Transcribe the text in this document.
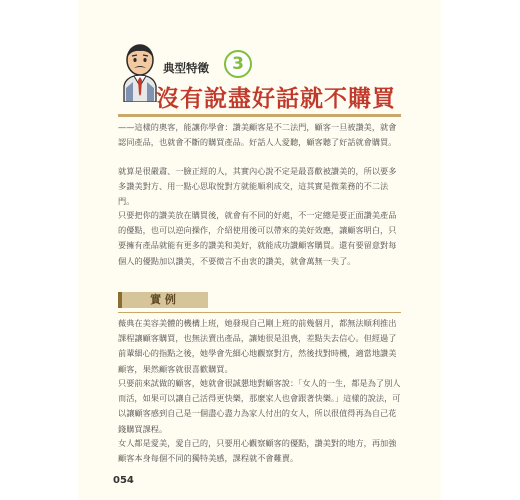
典型特徵	3
沒有說盡好話就不購買

——這樣的奧客，能讓你學會：讚美顧客是不二法門，顧客一旦被讚美，就會認同產品，也就會不斷的購買產品。好話人人愛聽，顧客聽了好話就會購買。

就算是很嚴肅、一臉正經的人，其實內心說不定是最喜歡被讚美的，所以要多多讚美對方、用一點心思取悅對方就能順利成交，這其實是微業務的不二法門。

只要把你的讚美放在購買後，就會有不同的好處，不一定總是要正面讚美產品的優點，也可以逆向操作，介紹使用後可以帶來的美好效應，讓顧客明白，只要擁有產品就能有更多的讚美和美好，就能成功讚顧客購買。還有要留意對每個人的優點加以讚美，不要微言不由衷的讚美，就會萬無一失了。

實 例

薇典在美容美體的機構上班，她發現自己剛上班的前幾個月，都無法順利推出課程讓顧客購買，也無法賣出產品，讓她很是沮喪，差點失去信心。但經過了前輩細心的指點之後，她學會先細心地觀察對方，然後找對時機，適當地讚美顧客，果然顧客就很喜歡購買。

只要前來試做的顧客，她就會很誠懇地對顧客說：「女人的一生，都是為了別人而活，如果可以讓自己活得更快樂，那麼家人也會跟著快樂。」這樣的說法，可以讓顧客感到自己是一個盡心盡力為家人付出的女人，所以很值得再為自己花錢購買課程。

女人都是愛美，愛自己的，只要用心觀察顧客的優點，讚美對的地方，再加強顧客本身每個不同的獨特美感，課程就不會難賣。

054
